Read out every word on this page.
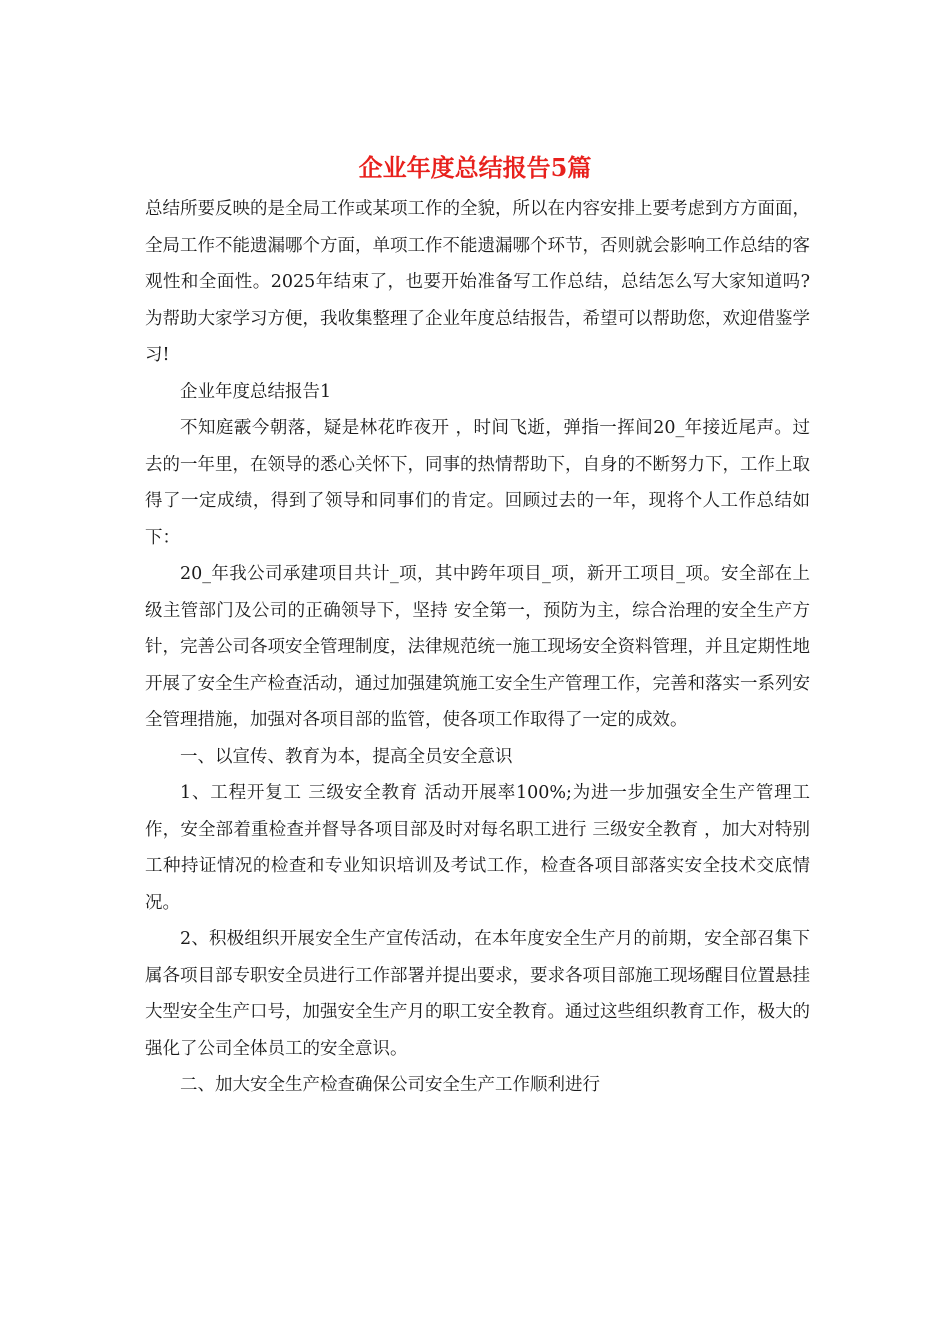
企业年度总结报告5篇

总结所要反映的是全局工作或某项工作的全貌，所以在内容安排上要考虑到方方面面，全局工作不能遗漏哪个方面，单项工作不能遗漏哪个环节，否则就会影响工作总结的客观性和全面性。2025年结束了，也要开始准备写工作总结，总结怎么写大家知道吗?为帮助大家学习方便，我收集整理了企业年度总结报告，希望可以帮助您，欢迎借鉴学习!

企业年度总结报告1

不知庭霰今朝落，疑是林花昨夜开 ，时间飞逝，弹指一挥间20_年接近尾声。过去的一年里，在领导的悉心关怀下，同事的热情帮助下，自身的不断努力下，工作上取得了一定成绩，得到了领导和同事们的肯定。回顾过去的一年，现将个人工作总结如下：

20_年我公司承建项目共计_项，其中跨年项目_项，新开工项目_项。安全部在上级主管部门及公司的正确领导下，坚持 安全第一，预防为主，综合治理的安全生产方针，完善公司各项安全管理制度，法律规范统一施工现场安全资料管理，并且定期性地开展了安全生产检查活动，通过加强建筑施工安全生产管理工作，完善和落实一系列安全管理措施，加强对各项目部的监管，使各项工作取得了一定的成效。

一、以宣传、教育为本，提高全员安全意识

1、工程开复工 三级安全教育 活动开展率100%;为进一步加强安全生产管理工作，安全部着重检查并督导各项目部及时对每名职工进行 三级安全教育 ，加大对特别工种持证情况的检查和专业知识培训及考试工作，检查各项目部落实安全技术交底情况。

2、积极组织开展安全生产宣传活动，在本年度安全生产月的前期，安全部召集下属各项目部专职安全员进行工作部署并提出要求，要求各项目部施工现场醒目位置悬挂大型安全生产口号，加强安全生产月的职工安全教育。通过这些组织教育工作，极大的强化了公司全体员工的安全意识。

二、加大安全生产检查确保公司安全生产工作顺利进行
